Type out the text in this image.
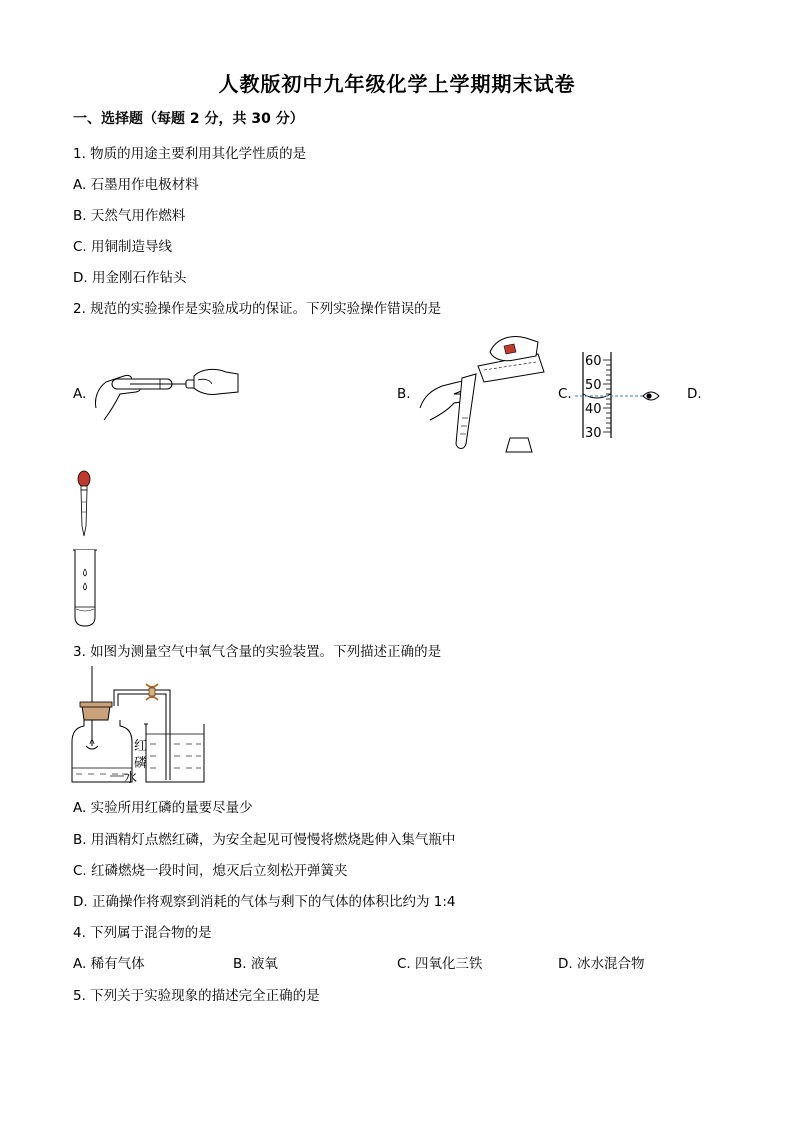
人教版初中九年级化学上学期期末试卷
一、选择题（每题 2 分，共 30 分）
1. 物质的用途主要利用其化学性质的是
A. 石墨用作电极材料
B. 天然气用作燃料
C. 用铜制造导线
D. 用金刚石作钻头
2. 规范的实验操作是实验成功的保证。下列实验操作错误的是
A.	B.	C.
60
50
40
30
D.
3. 如图为测量空气中氧气含量的实验装置。下列描述正确的是
红
磷
水
A. 实验所用红磷的量要尽量少
B. 用酒精灯点燃红磷，为安全起见可慢慢将燃烧匙伸入集气瓶中
C. 红磷燃烧一段时间，熄灭后立刻松开弹簧夹
D. 正确操作将观察到消耗的气体与剩下的气体的体积比约为 1:4
4. 下列属于混合物的是
A. 稀有气体	B. 液氧	C. 四氧化三铁	D. 冰水混合物
5. 下列关于实验现象的描述完全正确的是
